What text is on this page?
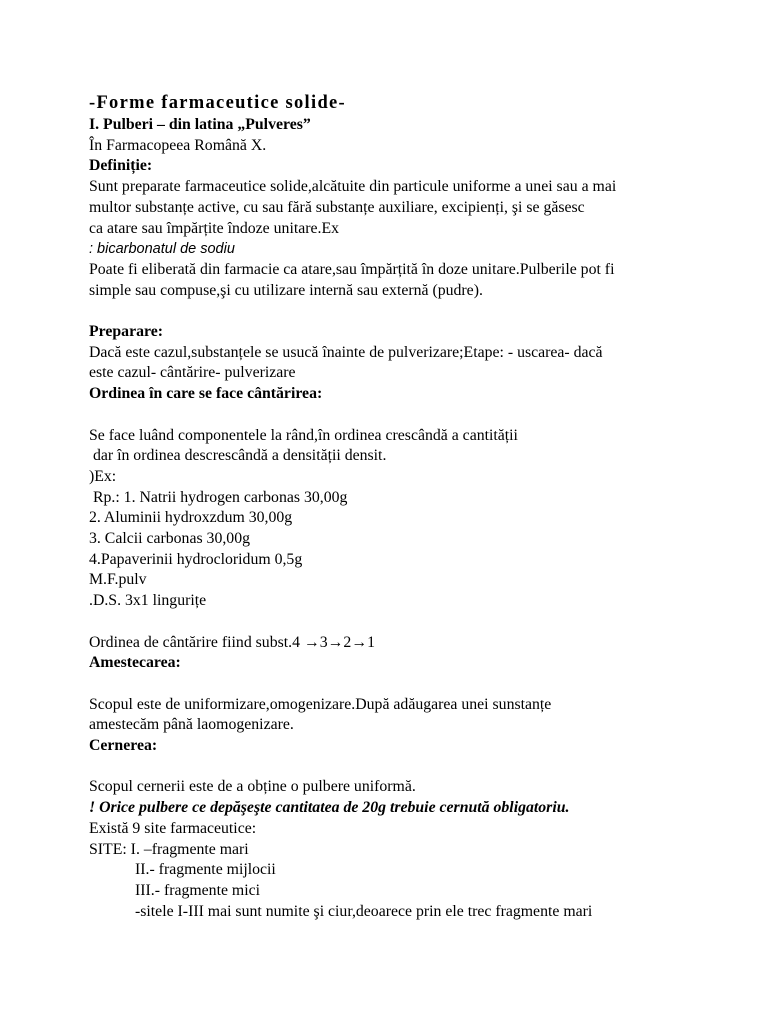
-Forme farmaceutice solide-
I. Pulberi – din latina „Pulveres”
În Farmacopeea Română X.
Definiție:
Sunt preparate farmaceutice solide,alcătuite din particule uniforme a unei sau a mai
multor substanțe active, cu sau fără substanțe auxiliare, excipienți, şi se găsesc
ca atare sau împărțite îndoze unitare.Ex
: bicarbonatul de sodiu
Poate fi eliberată din farmacie ca atare,sau împărțită în doze unitare.Pulberile pot fi
simple sau compuse,şi cu utilizare internă sau externă (pudre).
Preparare:
Dacă este cazul,substanțele se usucă înainte de pulverizare;Etape: - uscarea- dacă
este cazul- cântărire- pulverizare
Ordinea în care se face cântărirea:
Se face luând componentele la rând,în ordinea crescândă a cantității
dar în ordinea descrescândă a densității densit.
)Ex:
Rp.: 1. Natrii hydrogen carbonas 30,00g
2. Aluminii hydroxzdum 30,00g
3. Calcii carbonas 30,00g
4.Papaverinii hydrocloridum 0,5g
M.F.pulv
.D.S. 3x1 lingurițe
Ordinea de cântărire fiind subst.4 →3→2→1
Amestecarea:
Scopul este de uniformizare,omogenizare.După adăugarea unei sunstanțe
amestecăm până laomogenizare.
Cernerea:
Scopul cernerii este de a obține o pulbere uniformă.
! Orice pulbere ce depăşeşte cantitatea de 20g trebuie cernută obligatoriu.
Există 9 site farmaceutice:
SITE: I. –fragmente mari
II.- fragmente mijlocii
III.- fragmente mici
-sitele I-III mai sunt numite şi ciur,deoarece prin ele trec fragmente mari
